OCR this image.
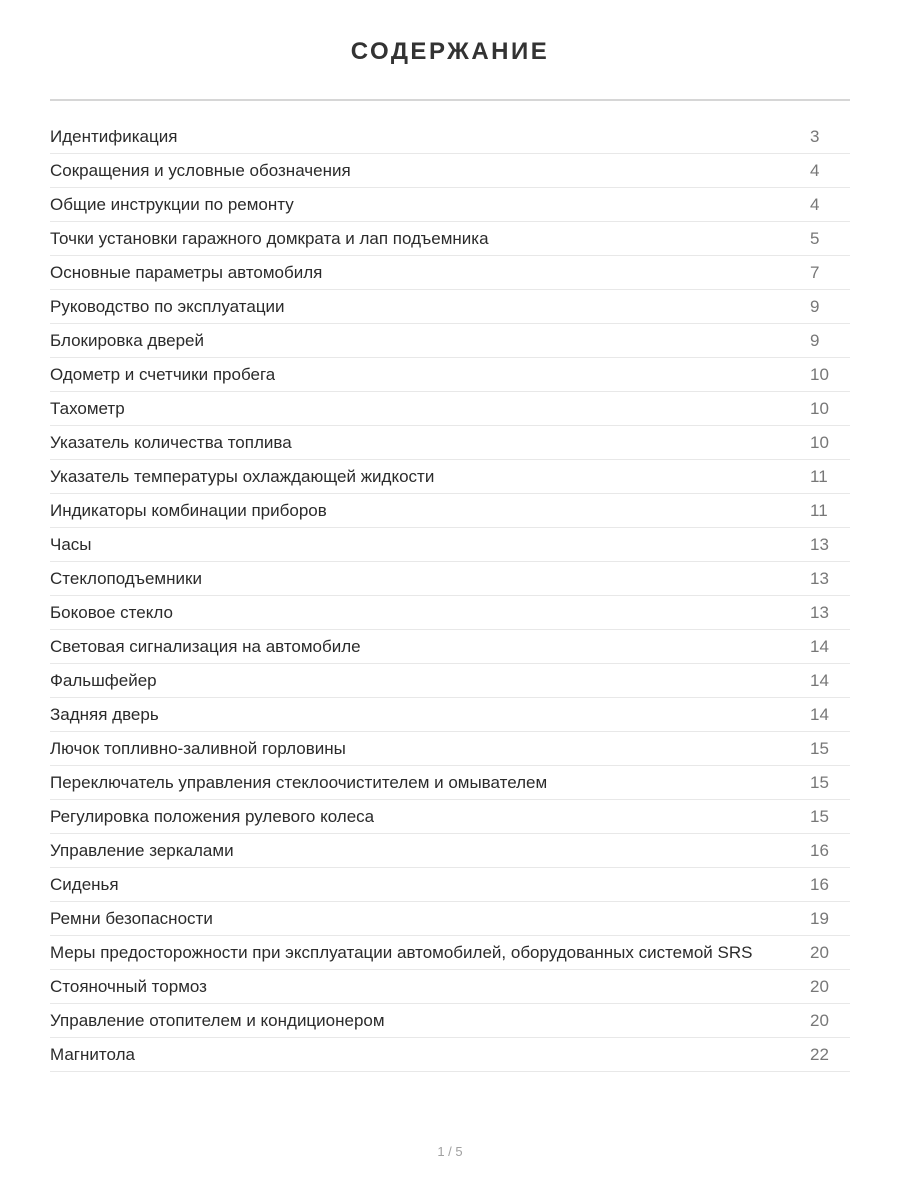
СОДЕРЖАНИЕ
Идентификация	3
Сокращения и условные обозначения	4
Общие инструкции по ремонту	4
Точки установки гаражного домкрата и лап подъемника	5
Основные параметры автомобиля	7
Руководство по эксплуатации	9
Блокировка дверей	9
Одометр и счетчики пробега	10
Тахометр	10
Указатель количества топлива	10
Указатель температуры охлаждающей жидкости	11
Индикаторы комбинации приборов	11
Часы	13
Стеклоподъемники	13
Боковое стекло	13
Световая сигнализация на автомобиле	14
Фальшфейер	14
Задняя дверь	14
Лючок топливно-заливной горловины	15
Переключатель управления стеклоочистителем и омывателем	15
Регулировка положения рулевого колеса	15
Управление зеркалами	16
Сиденья	16
Ремни безопасности	19
Меры предосторожности при эксплуатации автомобилей, оборудованных системой SRS	20
Стояночный тормоз	20
Управление отопителем и кондиционером	20
Магнитола	22
1 / 5
